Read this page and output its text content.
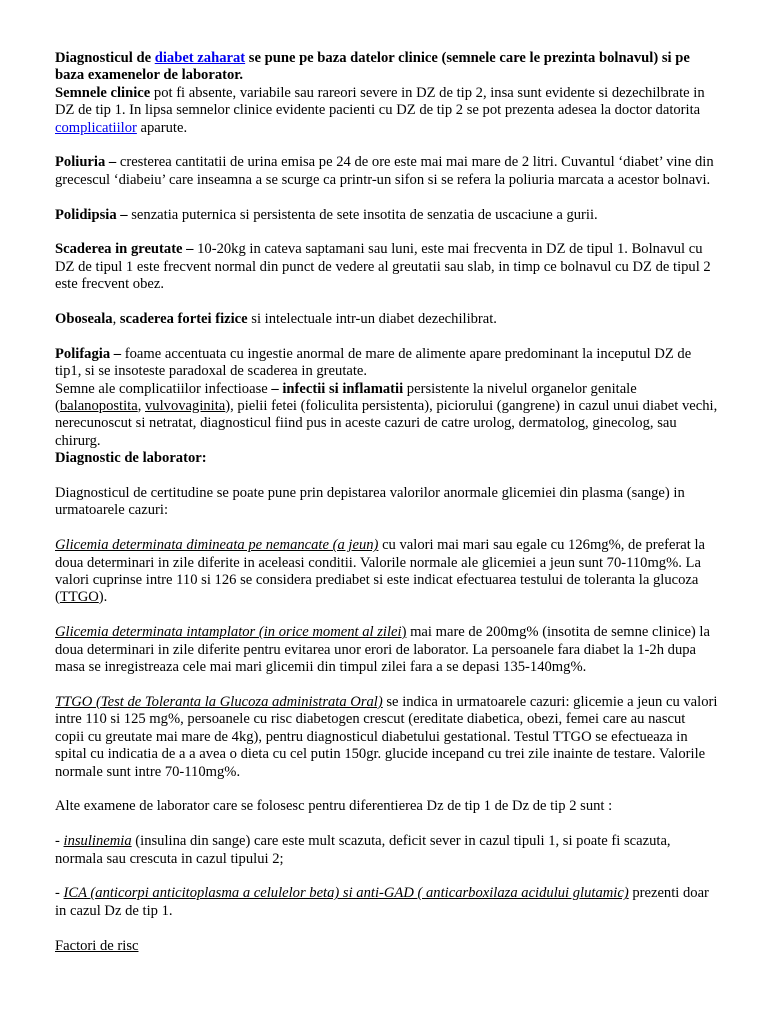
Diagnosticul de diabet zaharat se pune pe baza datelor clinice (semnele care le prezinta bolnavul) si pe baza examenelor de laborator.

Semnele clinice pot fi absente, variabile sau rareori severe in DZ de tip 2, insa sunt evidente si dezechilbrate in DZ de tip 1. In lipsa semnelor clinice evidente pacienti cu DZ de tip 2 se pot prezenta adesea la doctor datorita complicatiilor aparute.

Poliuria – cresterea cantitatii de urina emisa pe 24 de ore este mai mai mare de 2 litri. Cuvantul ‘diabet’ vine din grecescul ‘diabeiu’ care inseamna a se scurge ca printr-un sifon si se refera la poliuria marcata a acestor bolnavi.

Polidipsia – senzatia puternica si persistenta de sete insotita de senzatia de uscaciune a gurii.

Scaderea in greutate – 10-20kg in cateva saptamani sau luni, este mai frecventa in DZ de tipul 1. Bolnavul cu DZ de tipul 1 este frecvent normal din punct de vedere al greutatii sau slab, in timp ce bolnavul cu DZ de tipul 2 este frecvent obez.

Oboseala, scaderea fortei fizice si intelectuale intr-un diabet dezechilibrat.

Polifagia – foame accentuata cu ingestie anormal de mare de alimente apare predominant la inceputul DZ de tip1, si se insoteste paradoxal de scaderea in greutate.

Semne ale complicatiilor infectioase – infectii si inflamatii persistente la nivelul organelor genitale (balanopostita, vulvovaginita), pielii fetei (foliculita persistenta), piciorului (gangrene) in cazul unui diabet vechi, nerecunoscut si netratat, diagnosticul fiind pus in aceste cazuri de catre urolog, dermatolog, ginecolog, sau chirurg.

Diagnostic de laborator:

Diagnosticul de certitudine se poate pune prin depistarea valorilor anormale glicemiei din plasma (sange) in urmatoarele cazuri:

Glicemia determinata dimineata pe nemancate (a jeun) cu valori mai mari sau egale cu 126mg%, de preferat la doua determinari in zile diferite in aceleasi conditii. Valorile normale ale glicemiei a jeun sunt 70-110mg%. La valori cuprinse intre 110 si 126 se considera prediabet si este indicat efectuarea testului de toleranta la glucoza (TTGO).

Glicemia determinata intamplator (in orice moment al zilei) mai mare de 200mg% (insotita de semne clinice) la doua determinari in zile diferite pentru evitarea unor erori de laborator. La persoanele fara diabet la 1-2h dupa masa se inregistreaza cele mai mari glicemii din timpul zilei fara a se depasi 135-140mg%.

TTGO (Test de Toleranta la Glucoza administrata Oral) se indica in urmatoarele cazuri: glicemie a jeun cu valori intre 110 si 125 mg%, persoanele cu risc diabetogen crescut (ereditate diabetica, obezi, femei care au nascut copii cu greutate mai mare de 4kg), pentru diagnosticul diabetului gestational. Testul TTGO se efectueaza in spital cu indicatia de a a avea o dieta cu cel putin 150gr. glucide incepand cu trei zile inainte de testare. Valorile normale sunt intre 70-110mg%.

Alte examene de laborator care se folosesc pentru diferentierea Dz de tip 1 de Dz de tip 2 sunt :

- insulinemia (insulina din sange) care este mult scazuta, deficit sever in cazul tipuli 1, si poate fi scazuta, normala sau crescuta in cazul tipului 2;

- ICA (anticorpi anticitoplasma a celulelor beta) si anti-GAD ( anticarboxilaza acidului glutamic) prezenti doar in cazul Dz de tip 1.

Factori de risc
